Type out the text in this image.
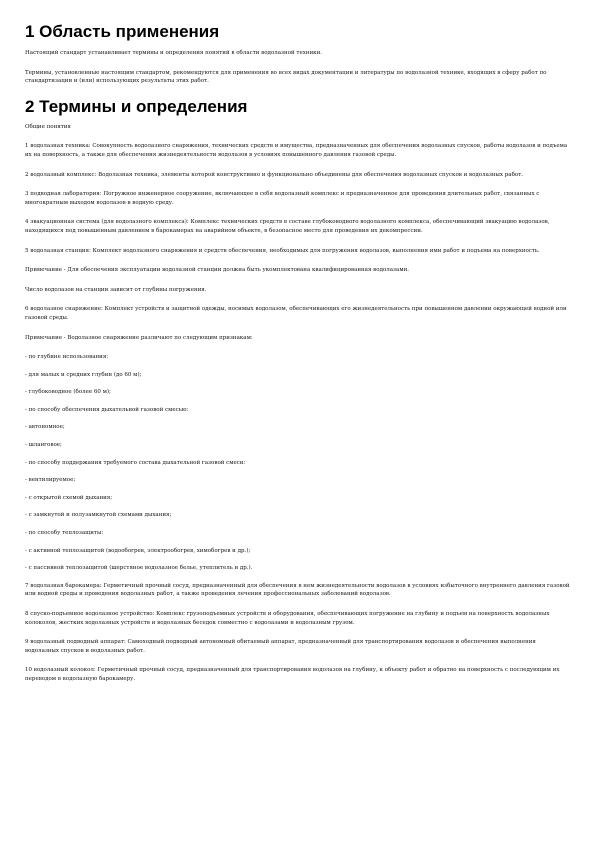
1 Область применения

Настоящий стандарт устанавливает термины и определения понятий в области водолазной техники.

Термины, установленные настоящим стандартом, рекомендуются для применения во всех видах документации и литературы по водолазной технике, входящих в сферу работ по стандартизации и (или) использующих результаты этих работ.

2 Термины и определения

Общие понятия

1 водолазная техника: Совокупность водолазного снаряжения, технических средств и имущества, предназначенных для обеспечения водолазных спусков, работы водолазов и подъема их на поверхность, а также для обеспечения жизнедеятельности водолазов в условиях повышенного давления газовой среды.

2 водолазный комплекс: Водолазная техника, элементы которой конструктивно и функционально объединены для обеспечения водолазных спусков и водолазных работ.

3 подводная лаборатория: Погружное инженерное сооружение, включающее в себя водолазный комплекс и предназначенное для проведения длительных работ, связанных с многократным выходом водолазов в водную среду.

4 эвакуационная система (для водолазного комплекса): Комплекс технических средств в составе глубоководного водолазного комплекса, обеспечивающий эвакуацию водолазов, находящихся под повышенным давлением в барокамерах на аварийном объекте, в безопасное место для проведения их декомпрессии.

5 водолазная станция: Комплект водолазного снаряжения и средств обеспечения, необходимых для погружения водолазов, выполнения ими работ и подъема на поверхность.

Примечание - Для обеспечения эксплуатации водолазной станции должна быть укомплектована квалифицированная водолазами.

Число водолазов на станции зависит от глубины погружения.

6 водолазное снаряжение: Комплект устройств и защитной одежды, носимых водолазом, обеспечивающих его жизнедеятельность при повышенном давлении окружающей водной или газовой среды.

Примечание - Водолазное снаряжение различают по следующим признакам:

- по глубине использования:

- для малых и средних глубин (до 60 м);

- глубоководное (более 60 м);

- по способу обеспечения дыхательной газовой смесью:

- автономное;

- шланговое;

- по способу поддержания требуемого состава дыхательной газовой смеси:

- вентилируемое;

- с открытой схемой дыхания;

- с замкнутой и полузамкнутой схемами дыхания;

- по способу теплозащиты:

- с активной теплозащитой (водообогрев, электрообогрев, химобогрев и др.);

- с пассивной теплозащитой (шерстяное водолазное белье, утеплитель и др.).

7 водолазная барокамера: Герметичный прочный сосуд, предназначенный для обеспечения в нем жизнедеятельности водолазов в условиях избыточного внутреннего давления газовой или водной среды и проведения водолазных работ, а также проведения лечения профессиональных заболеваний водолазов.

8 спуско-подъемное водолазное устройство: Комплекс грузоподъемных устройств и оборудования, обеспечивающих погружение на глубину и подъем на поверхность водолазных колоколов, жестких водолазных устройств и водолазных беседок совместно с водолазами и водолазным грузом.

9 водолазный подводный аппарат: Самоходный подводный автономный обитаемый аппарат, предназначенный для транспортирования водолазов и обеспечения выполнения водолазных спусков и водолазных работ.

10 водолазный колокол: Герметичный прочный сосуд, предназначенный для транспортирования водолазов на глубину, к объекту работ и обратно на поверхность с последующим их переводом в водолазную барокамеру.
